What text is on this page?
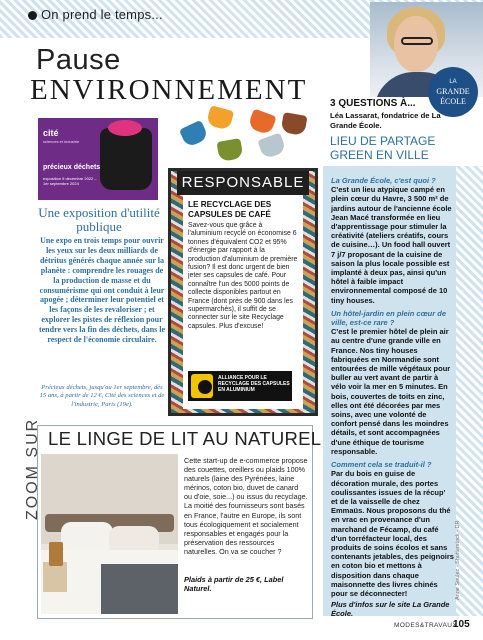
On prend le temps...
Pause
ENVIRONNEMENT
cité
sciences et industrie
précieux déchets
exposition 9 décembre 2022 – 1er septembre 2024
Une exposition d'utilité publique
Une expo en trois temps pour ouvrir les yeux sur les deux milliards de détritus générés chaque année sur la planète : comprendre les rouages de la production de masse et du consumérisme qui ont conduit à leur apogée ; déterminer leur potentiel et les façons de les revaloriser ; et explorer les pistes de réflexion pour tendre vers la fin des déchets, dans le respect de l'économie circulaire.
Précieux déchets, jusqu'au 1er septembre, dès 15 ans, à partir de 12 €, Cité des sciences et de l'industrie, Paris (19e).
RESPONSABLE
LE RECYCLAGE DES CAPSULES DE CAFÉ
Savez-vous que grâce à l'aluminium recyclé on économise 6 tonnes d'équivalent CO2 et 95% d'énergie par rapport à la production d'aluminium de première fusion? Il est donc urgent de bien jeter ses capsules de café. Pour connaître l'un des 5000 points de collecte disponibles partout en France (dont près de 900 dans les supermarchés), il suffit de se connecter sur le site Recyclage capsules. Plus d'excuse!
ALLIANCE POUR LE RECYCLAGE DES CAPSULES EN ALUMINIUM
LA
GRANDE
ÉCOLE
3 QUESTIONS À...
Léa Lassarat, fondatrice de La Grande École.
LIEU DE PARTAGE GREEN EN VILLE
La Grande École, c'est quoi ?
C'est un lieu atypique campé en plein cœur du Havre, 3 500 m² de jardins autour de l'ancienne école Jean Macé transformée en lieu d'apprentissage pour stimuler la créativité (ateliers créatifs, cours de cuisine…). Un food hall ouvert 7 j/7 proposant de la cuisine de saison la plus locale possible est implanté à deux pas, ainsi qu'un hôtel à faible impact environnemental composé de 10 tiny houses.
Un hôtel-jardin en plein cœur de ville, est-ce rare ?
C'est le premier hôtel de plein air au centre d'une grande ville en France. Nos tiny houses fabriquées en Normandie sont entourées de mille végétaux pour buller au vert avant de partir à vélo voir la mer en 5 minutes. En bois, couvertes de toits en zinc, elles ont été décorées par mes soins, avec une volonté de confort pensé dans les moindres détails, et sont accompagnées d'une éthique de tourisme responsable.
Comment cela se traduit-il ?
Par du bois en guise de décoration murale, des portes coulissantes issues de la récup' et de la vaisselle de chez Emmaüs. Nous proposons du thé en vrac en provenance d'un marchand de Fécamp, du café d'un torréfacteur local, des produits de soins écolos et sans contenants jetables, des peignoirs en coton bio et mettons à disposition dans chaque maisonnette des livres chinés pour se déconnecter!
Plus d'infos sur le site La Grande École.
Anne Soulez - Shutterstock - DR
ZOOM SUR LE LINGE DE LIT AU NATUREL
Cette start-up de e-commerce propose des couettes, oreillers ou plaids 100% naturels (laine des Pyrénées, laine mérinos, coton bio, duvet de canard ou d'oie, soie...) ou issus du recyclage. La moitié des fournisseurs sont basés en France, l'autre en Europe, ils sont tous écologiquement et socialement responsables et engagés pour la préservation des ressources naturelles. On va se coucher ?
Plaids à partir de 25 €, Label Naturel.
MODES&TRAVAUX
105
